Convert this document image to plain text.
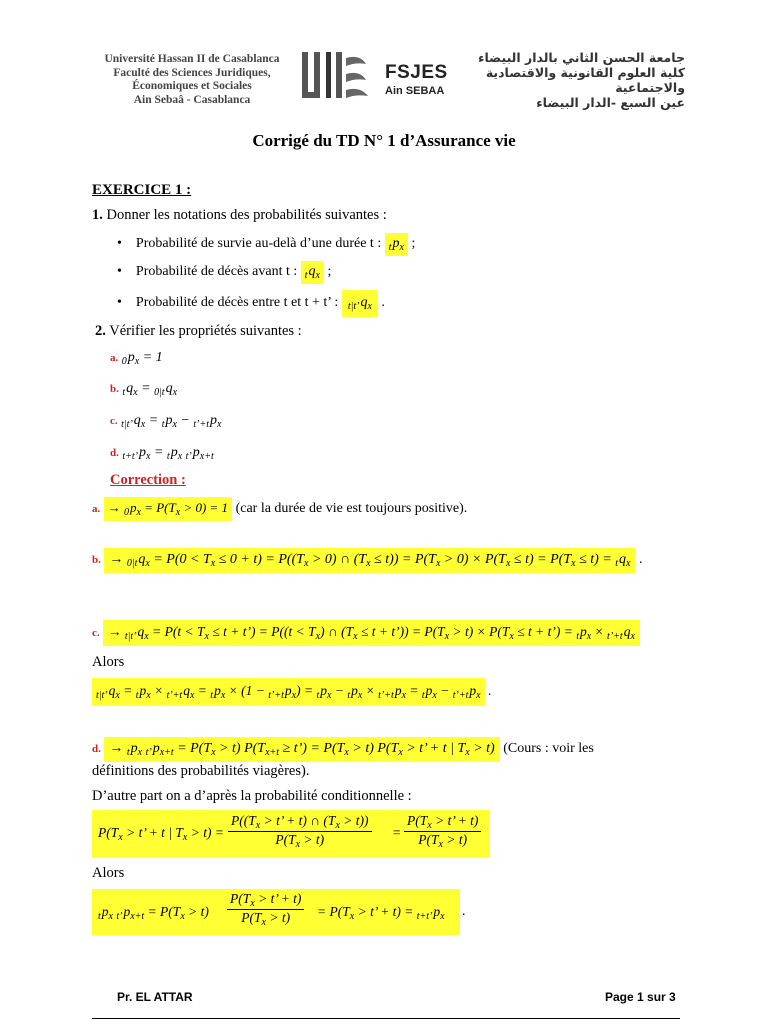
Université Hassan II de Casablanca
Faculté des Sciences Juridiques,
Économiques et Sociales
Ain Sebaâ - Casablanca
FSJES
Ain SEBAA
جامعة الحسن الثاني بالدار البيضاء
كلية العلوم القانونية والاقتصادية والاجتماعية
عين السبع -الدار البيضاء
Corrigé du TD N° 1 d’Assurance vie
EXERCICE 1 :
1. Donner les notations des probabilités suivantes :
• Probabilité de survie au-delà d’une durée t : $_tp_x$ ;
• Probabilité de décès avant t : $_tq_x$ ;
• Probabilité de décès entre t et t + t’ : $_{t|t’}q_x$ .
2. Vérifier les propriétés suivantes :
a. $_0p_x = 1$
b. $_tq_x = _{0|t}q_x$
c. $_{t|t’}q_x = _tp_x - _{t’+t}p_x$
d. $_{t+t’}p_x = _tp_x$ $_{t’}p_{x+t}$
Correction :
a. → $_0p_x = P(T_x > 0) = 1$ (car la durée de vie est toujours positive).
b. → $_{0|t}q_x = P(0 < T_x \le 0 + t) = P((T_x > 0)$ ∩ $(T_x \le t)) = P(T_x > 0) \times P(T_x \le t) = P(T_x \le t) = _tq_x$ .
c. → $_{t|t’}q_x = P(t < T_x \le t$ + t’) = $P((t < T_x)$ ∩ ($T_x \le t$ + t’)) = $P(T_x > t) \times P(T_x \le t$ + t’) = $_tp_x \times _{t’+t}q_x$
Alors
$_{t|t’}q_x = _tp_x \times _{t’+t}q_x = _tp_x \times (1 - _{t’+t}p_x) = _tp_x - _tp_x \times _{t’+t}p_x = _tp_x - _{t’+t}p_x$ .
d. → $_tp_x$ $_{t’}p_{x+t} = P(T_x > t) P(T_{x+t}$ ≥ t’) = $P(T_x > t) P(T_x > t$’ + t | $T_x > t$) (Cours : voir les
définitions des probabilités viagères).
D’autre part on a d’après la probabilité conditionnelle :
$P(T_x > t$’ + t | $T_x > t) = \frac{P((T_x > t’ + t) \cap (T_x > t))}{P(T_x > t)} = \frac{P(T_x > t’ + t)}{P(T_x > t)}$
Alors
$_tp_x$ $_{t’}p_{x+t} = P(T_x > t) \frac{P(T_x > t’ + t)}{P(T_x > t)} = P(T_x > t$’ + $t) = _{t+t’}p_x$ .
Pr. EL ATTAR	Page 1 sur 3
